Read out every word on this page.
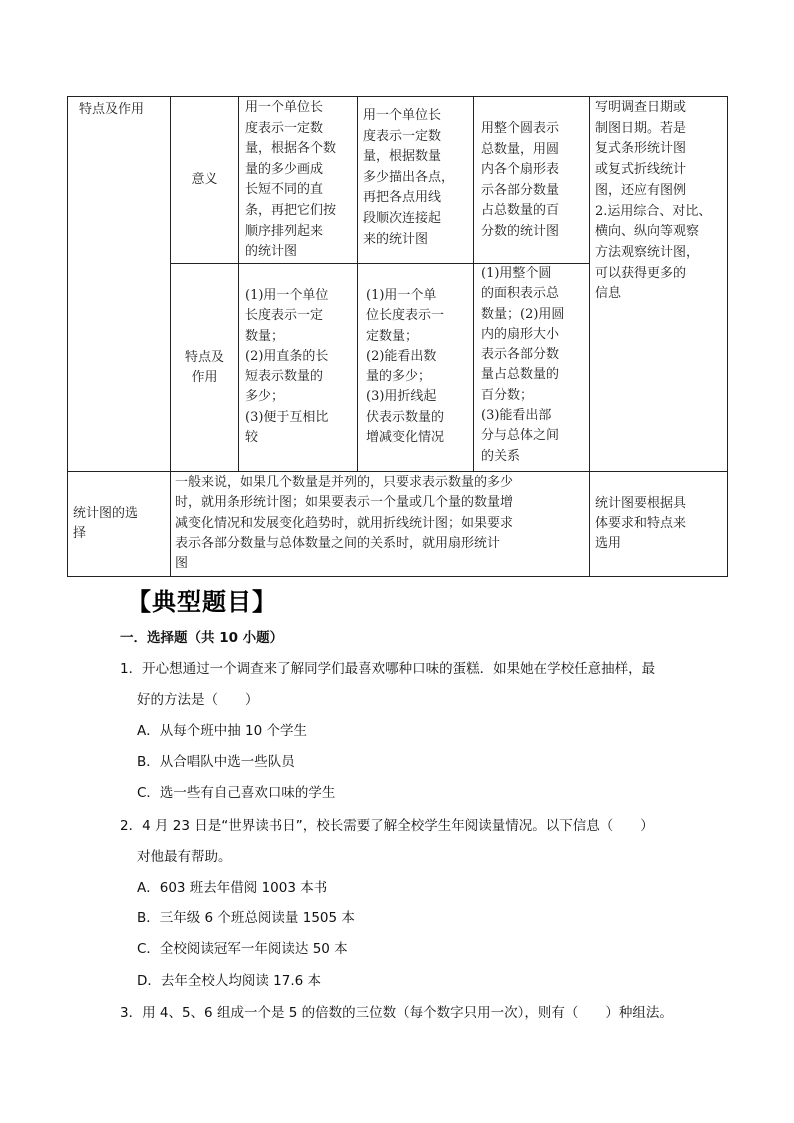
特点及作用
意义
特点及
作用
用一个单位长
度表示一定数
量，根据各个数
量的多少画成
长短不同的直
条，再把它们按
顺序排列起来
的统计图
用一个单位长
度表示一定数
量，根据数量
多少描出各点，
再把各点用线
段顺次连接起
来的统计图
用整个圆表示
总数量，用圆
内各个扇形表
示各部分数量
占总数量的百
分数的统计图
写明调查日期或
制图日期。若是
复式条形统计图
或复式折线统计
图，还应有图例
2.运用综合、对比、
横向、纵向等观察
方法观察统计图，
可以获得更多的
信息
(1)用一个单位
长度表示一定
数量；
(2)用直条的长
短表示数量的
多少；
(3)便于互相比
较
(1)用一个单
位长度表示一
定数量；
(2)能看出数
量的多少；
(3)用折线起
伏表示数量的
增减变化情况
(1)用整个圆
的面积表示总
数量；(2)用圆
内的扇形大小
表示各部分数
量占总数量的
百分数；
(3)能看出部
分与总体之间
的关系
统计图的选
择
一般来说，如果几个数量是并列的，只要求表示数量的多少
时，就用条形统计图；如果要表示一个量或几个量的数量增
减变化情况和发展变化趋势时，就用折线统计图；如果要求
表示各部分数量与总体数量之间的关系时，就用扇形统计
图
统计图要根据具
体要求和特点来
选用
【典型题目】
一．选择题（共 10 小题）
1．开心想通过一个调查来了解同学们最喜欢哪种口味的蛋糕．如果她在学校任意抽样，最
好的方法是（　　）
A．从每个班中抽 10 个学生
B．从合唱队中选一些队员
C．选一些有自己喜欢口味的学生
2．4 月 23 日是“世界读书日”，校长需要了解全校学生年阅读量情况。以下信息（　　）
对他最有帮助。
A．603 班去年借阅 1003 本书
B．三年级 6 个班总阅读量 1505 本
C．全校阅读冠军一年阅读达 50 本
D．去年全校人均阅读 17.6 本
3．用 4、5、6 组成一个是 5 的倍数的三位数（每个数字只用一次），则有（　　）种组法。
